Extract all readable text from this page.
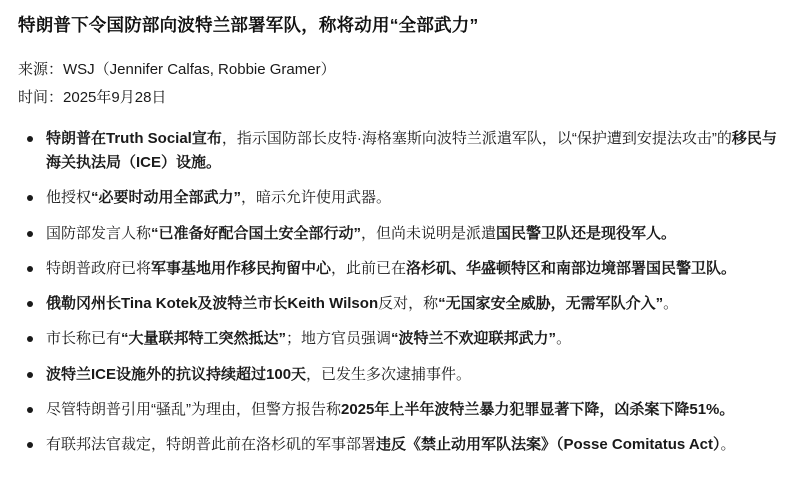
特朗普下令国防部向波特兰部署军队，称将动用“全部武力”
来源：WSJ（Jennifer Calfas, Robbie Gramer）
时间：2025年9月28日
特朗普在Truth Social宣布，指示国防部长皮特·海格塞斯向波特兰派遣军队，以“保护遭到安提法攻击”的移民与海关执法局（ICE）设施。
他授权“必要时动用全部武力”，暗示允许使用武器。
国防部发言人称“已准备好配合国土安全部行动”，但尚未说明是派遣国民警卫队还是现役军人。
特朗普政府已将军事基地用作移民拘留中心，此前已在洛杉矶、华盛顿特区和南部边境部署国民警卫队。
俄勒冈州长Tina Kotek及波特兰市长Keith Wilson反对，称“无国家安全威胁，无需军队介入”。
市长称已有“大量联邦特工突然抵达”；地方官员强调“波特兰不欢迎联邦武力”。
波特兰ICE设施外的抗议持续超过100天，已发生多次逮捕事件。
尽管特朗普引用“骚乱”为理由，但警方报告称2025年上半年波特兰暴力犯罪显著下降，凶杀案下降51%。
有联邦法官裁定，特朗普此前在洛杉矶的军事部署违反《禁止动用军队法案》（Posse Comitatus Act）。
